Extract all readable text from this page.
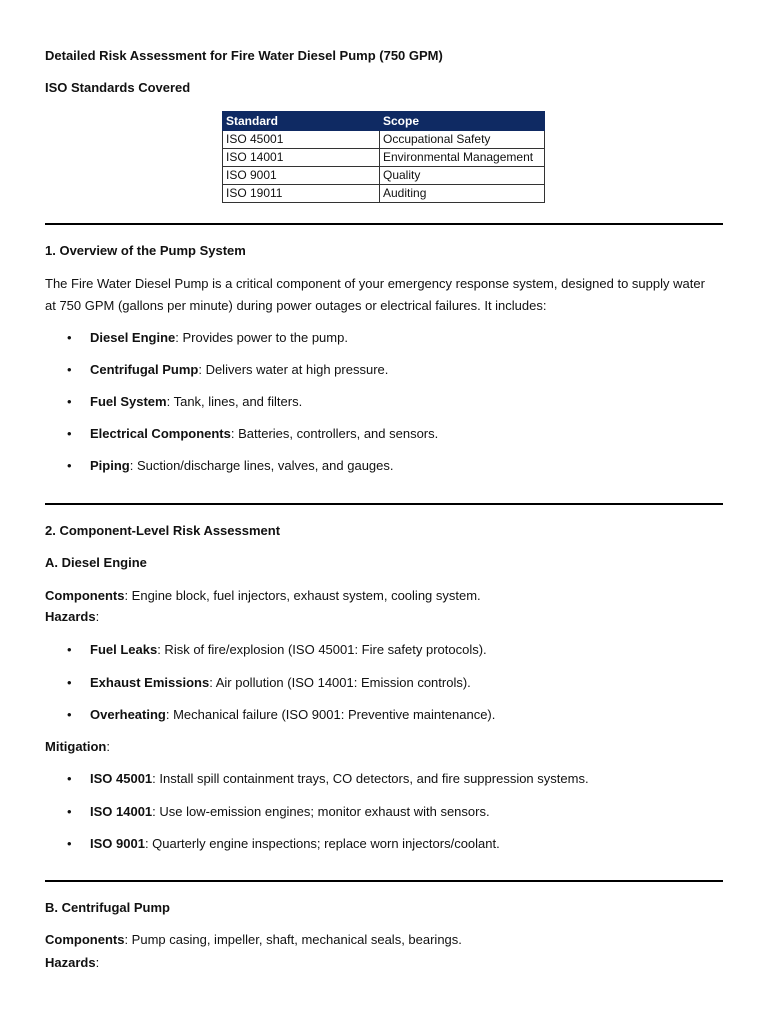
Detailed Risk Assessment for Fire Water Diesel Pump (750 GPM)

ISO Standards Covered

Standard	Scope
ISO 45001	Occupational Safety
ISO 14001	Environmental Management
ISO 9001	Quality
ISO 19011	Auditing

1. Overview of the Pump System

The Fire Water Diesel Pump is a critical component of your emergency response system, designed to supply water at 750 GPM (gallons per minute) during power outages or electrical failures. It includes:

• Diesel Engine: Provides power to the pump.
• Centrifugal Pump: Delivers water at high pressure.
• Fuel System: Tank, lines, and filters.
• Electrical Components: Batteries, controllers, and sensors.
• Piping: Suction/discharge lines, valves, and gauges.

2. Component-Level Risk Assessment

A. Diesel Engine

Components: Engine block, fuel injectors, exhaust system, cooling system.

Hazards:

• Fuel Leaks: Risk of fire/explosion (ISO 45001: Fire safety protocols).
• Exhaust Emissions: Air pollution (ISO 14001: Emission controls).
• Overheating: Mechanical failure (ISO 9001: Preventive maintenance).

Mitigation:

• ISO 45001: Install spill containment trays, CO detectors, and fire suppression systems.
• ISO 14001: Use low-emission engines; monitor exhaust with sensors.
• ISO 9001: Quarterly engine inspections; replace worn injectors/coolant.

B. Centrifugal Pump

Components: Pump casing, impeller, shaft, mechanical seals, bearings.

Hazards:
